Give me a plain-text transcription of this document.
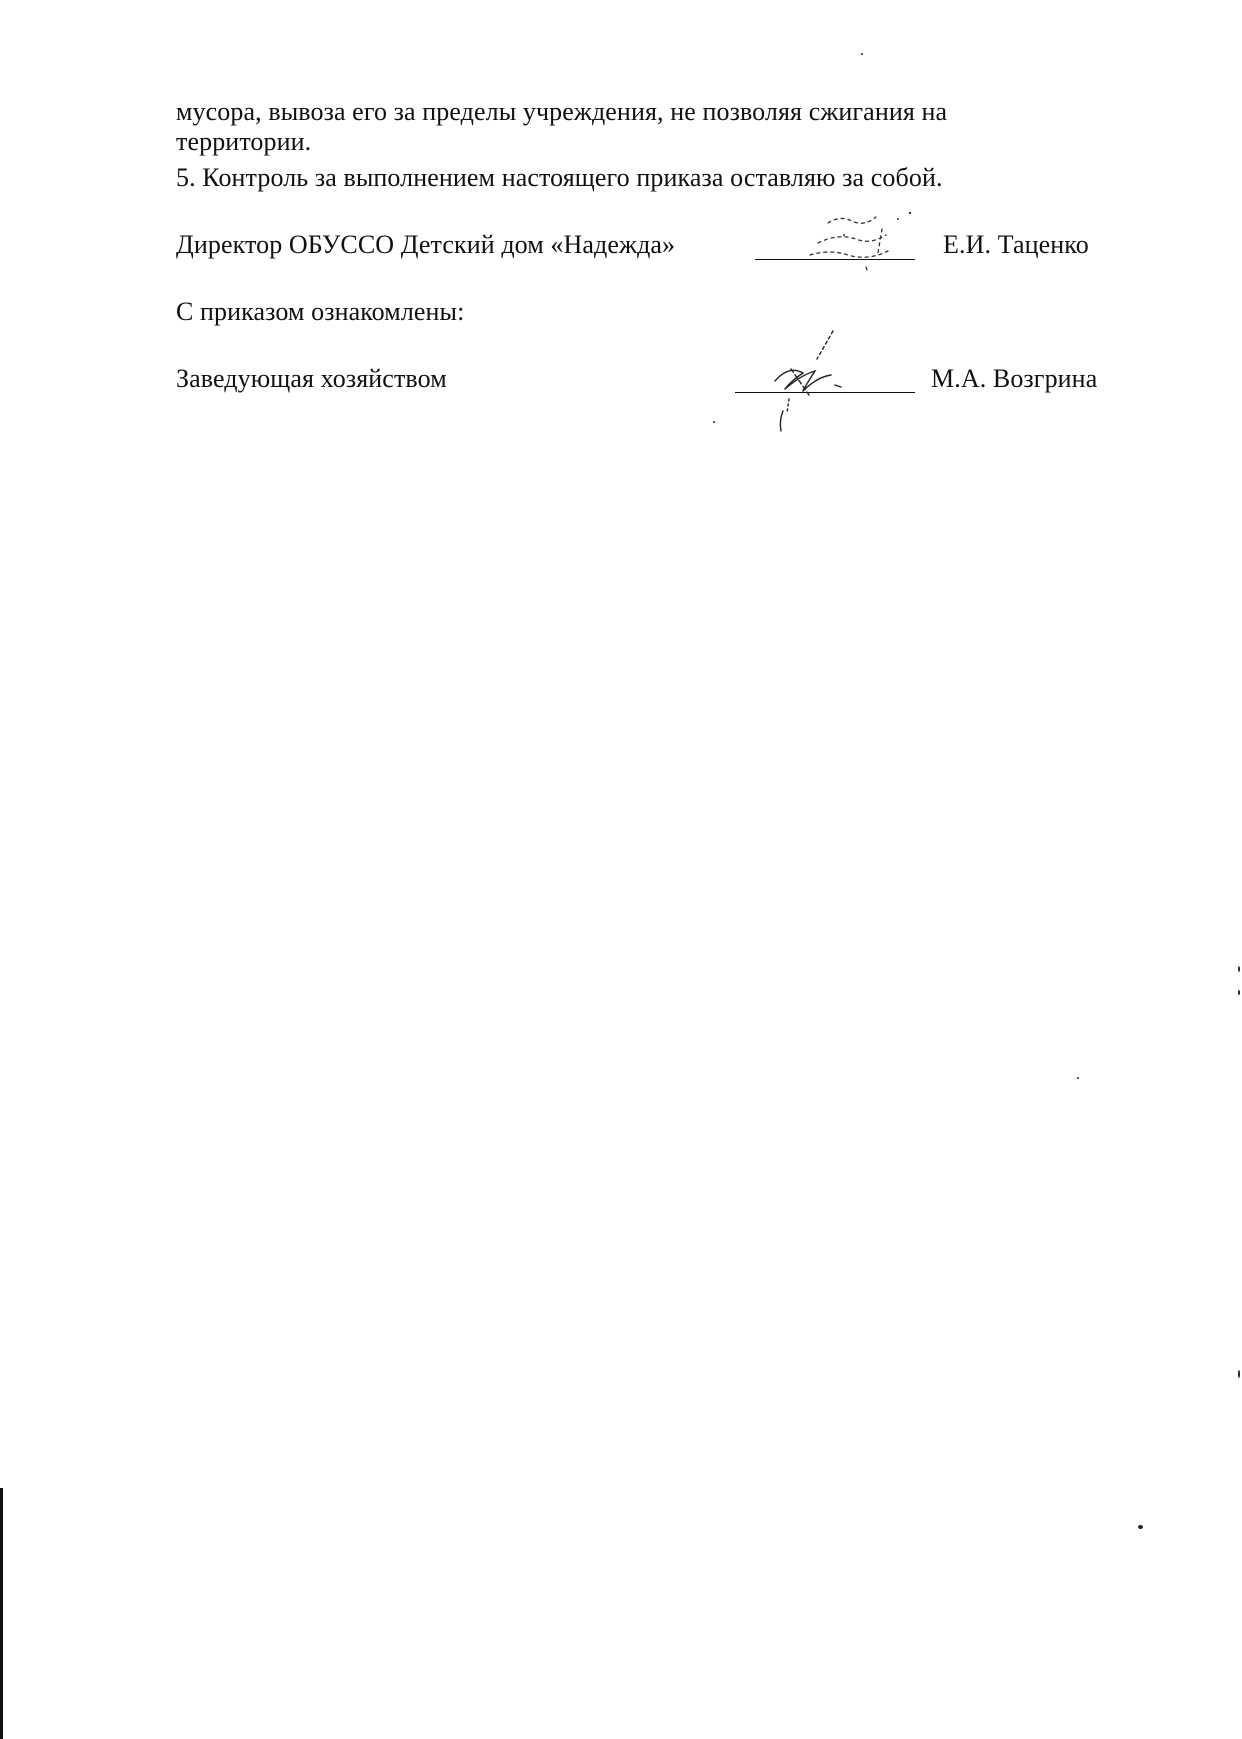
мусора, вывоза его за пределы учреждения, не позволяя сжигания на
территории.
5. Контроль за выполнением настоящего приказа оставляю за собой.
Директор ОБУССО Детский дом «Надежда»	Е.И. Таценко
С приказом ознакомлены:
Заведующая хозяйством	М.А. Возгрина
